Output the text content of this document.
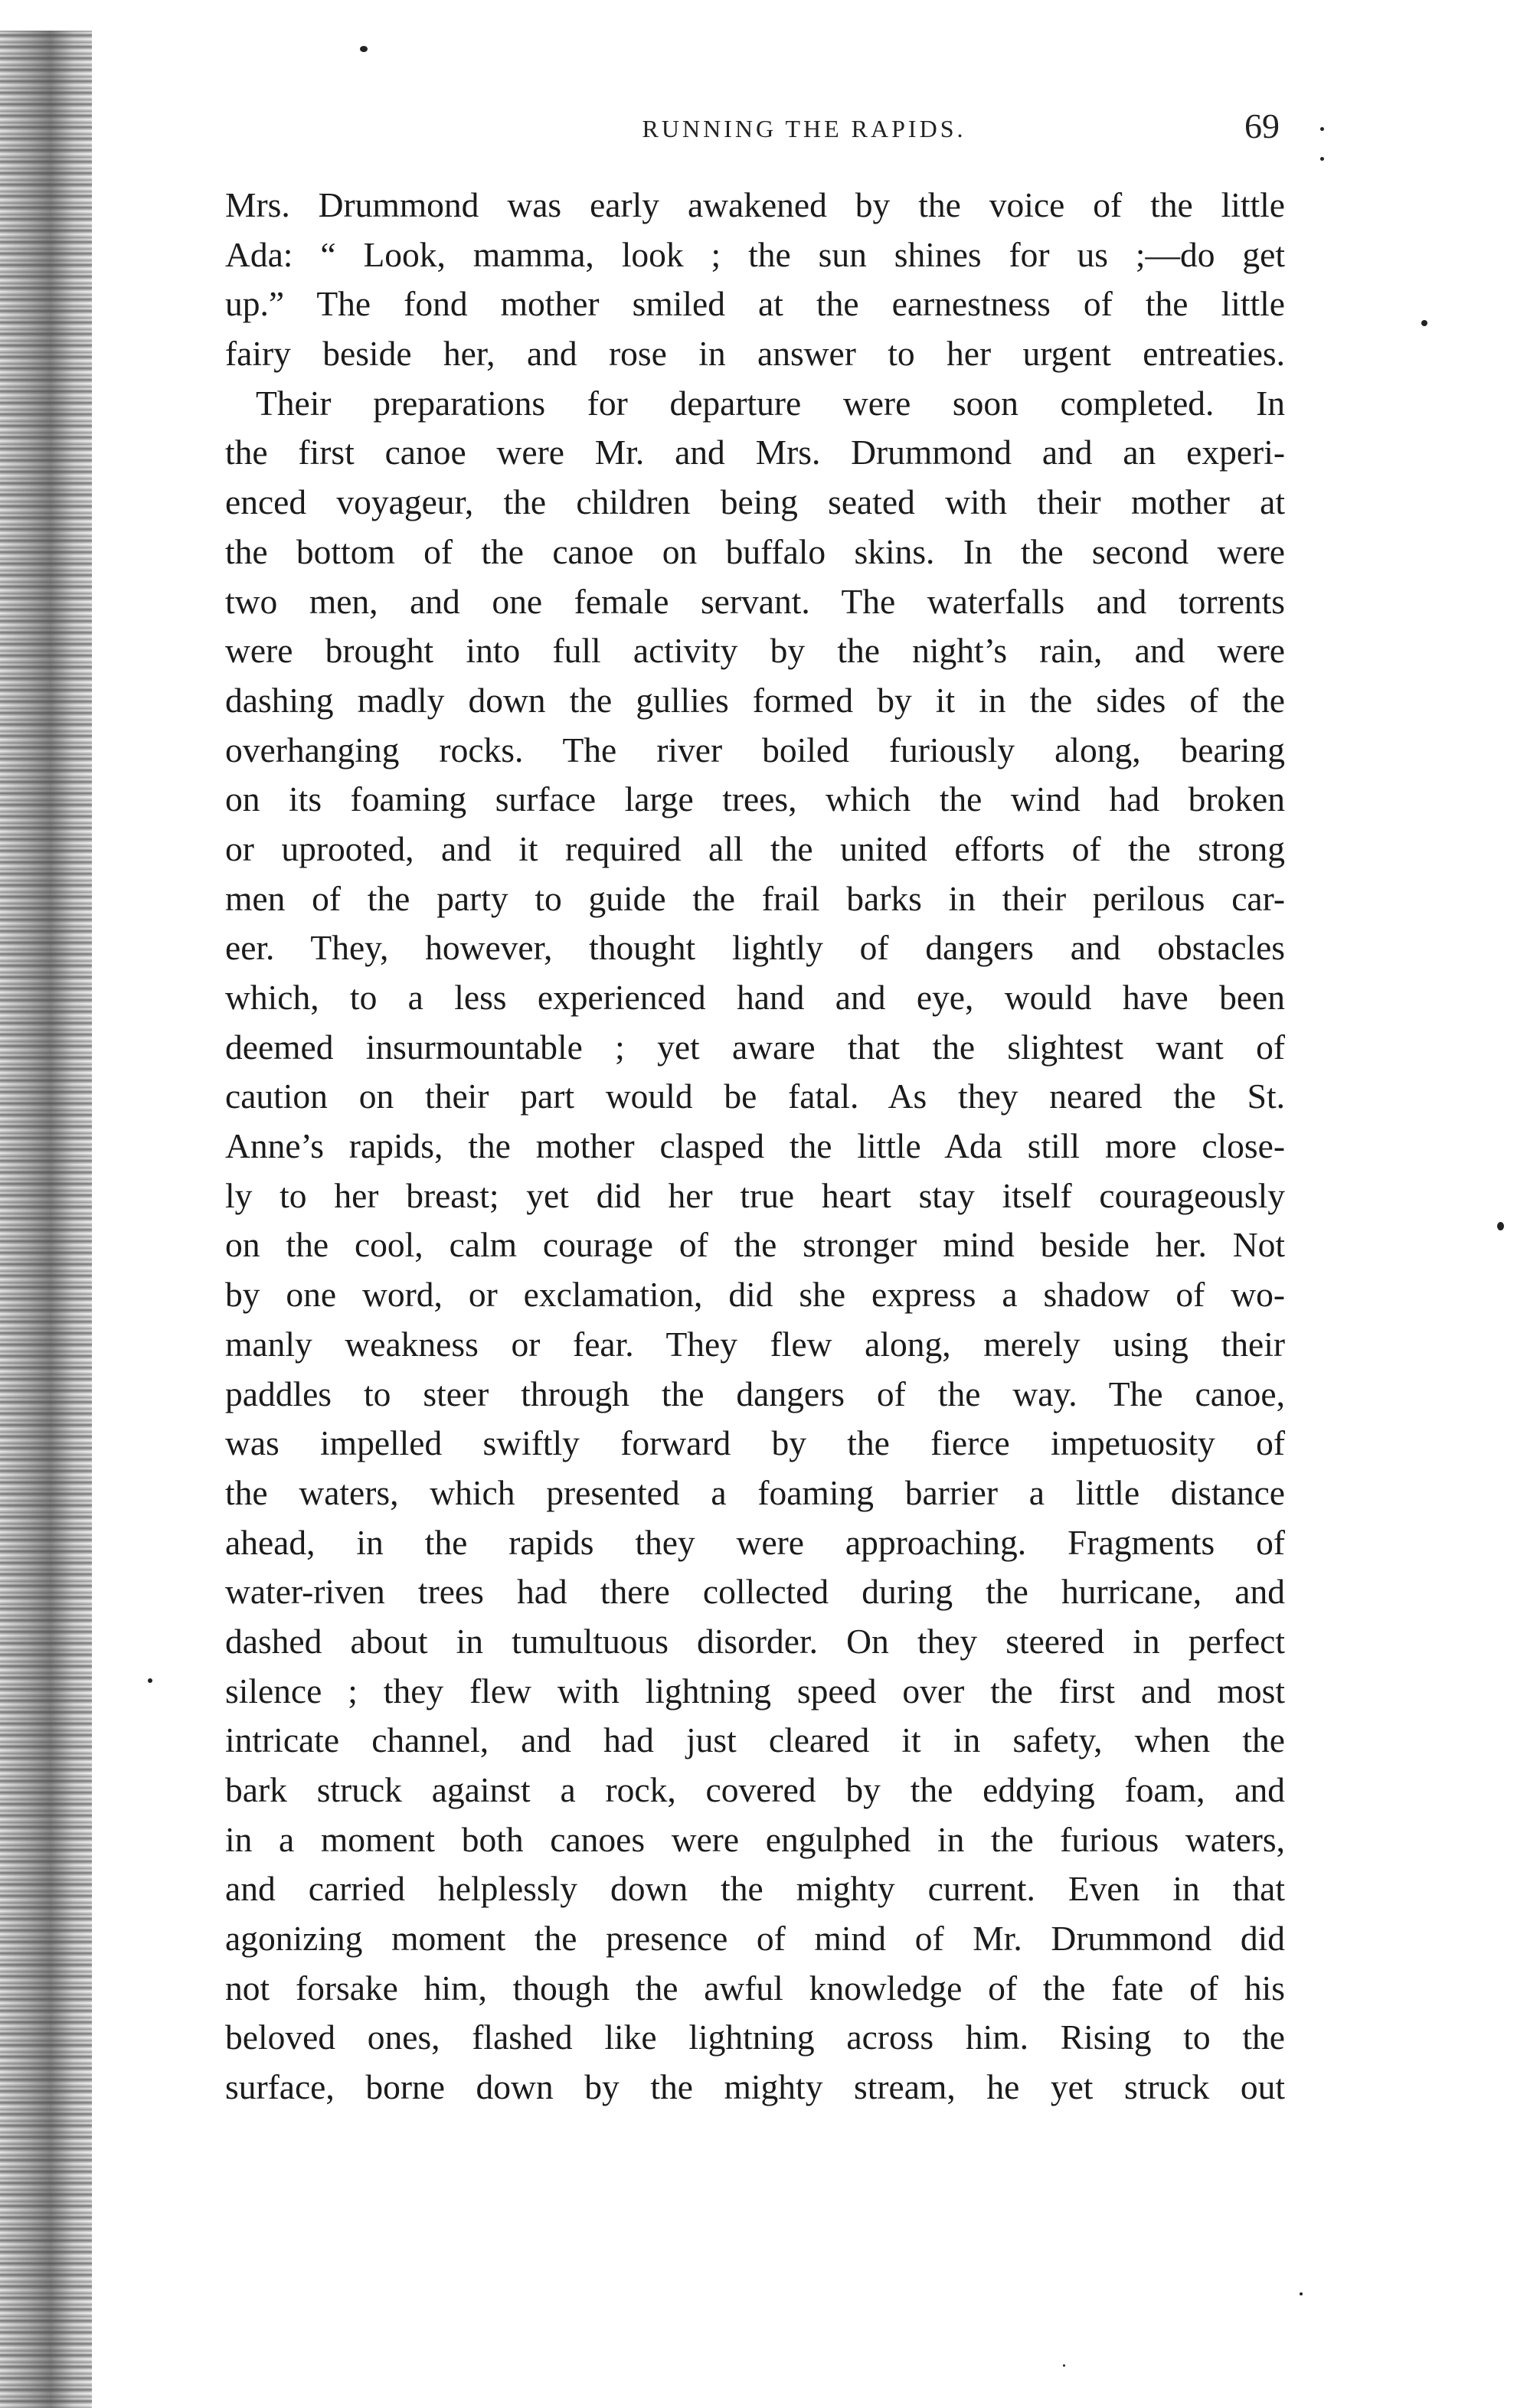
RUNNING THE RAPIDS.	69
Mrs. Drummond was early awakened by the voice of the little
Ada: “ Look, mamma, look ; the sun shines for us ;—do get
up.” The fond mother smiled at the earnestness of the little
fairy beside her, and rose in answer to her urgent entreaties.
Their preparations for departure were soon completed. In
the first canoe were Mr. and Mrs. Drummond and an experi-
enced voyageur, the children being seated with their mother at
the bottom of the canoe on buffalo skins. In the second were
two men, and one female servant. The waterfalls and torrents
were brought into full activity by the night’s rain, and were
dashing madly down the gullies formed by it in the sides of the
overhanging rocks. The river boiled furiously along, bearing
on its foaming surface large trees, which the wind had broken
or uprooted, and it required all the united efforts of the strong
men of the party to guide the frail barks in their perilous car-
eer. They, however, thought lightly of dangers and obstacles
which, to a less experienced hand and eye, would have been
deemed insurmountable ; yet aware that the slightest want of
caution on their part would be fatal. As they neared the St.
Anne’s rapids, the mother clasped the little Ada still more close-
ly to her breast; yet did her true heart stay itself courageously
on the cool, calm courage of the stronger mind beside her. Not
by one word, or exclamation, did she express a shadow of wo-
manly weakness or fear. They flew along, merely using their
paddles to steer through the dangers of the way. The canoe,
was impelled swiftly forward by the fierce impetuosity of
the waters, which presented a foaming barrier a little distance
ahead, in the rapids they were approaching. Fragments of
water-riven trees had there collected during the hurricane, and
dashed about in tumultuous disorder. On they steered in perfect
silence ; they flew with lightning speed over the first and most
intricate channel, and had just cleared it in safety, when the
bark struck against a rock, covered by the eddying foam, and
in a moment both canoes were engulphed in the furious waters,
and carried helplessly down the mighty current. Even in that
agonizing moment the presence of mind of Mr. Drummond did
not forsake him, though the awful knowledge of the fate of his
beloved ones, flashed like lightning across him. Rising to the
surface, borne down by the mighty stream, he yet struck out
